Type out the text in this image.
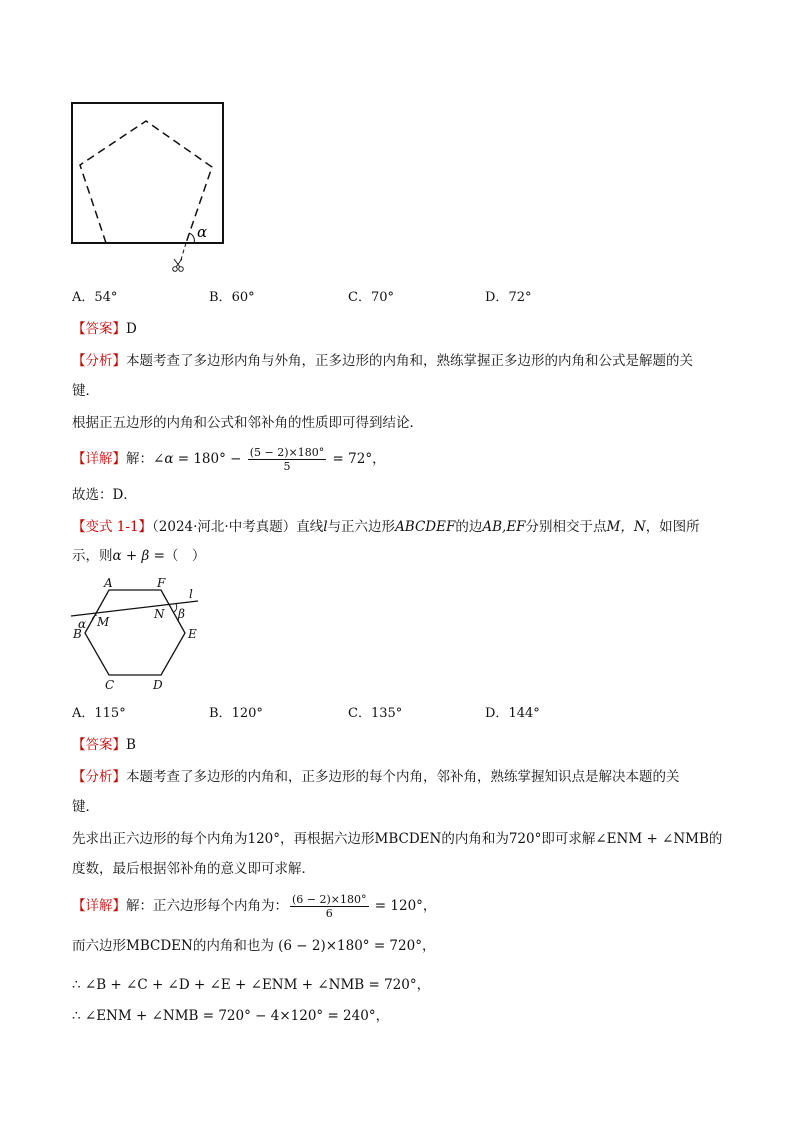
α
A．54°	B．60°	C．70°	D．72°
【答案】D
【分析】本题考查了多边形内角与外角，正多边形的内角和，熟练掌握正多边形的内角和公式是解题的关
键．
根据正五边形的内角和公式和邻补角的性质即可得到结论．
【详解】解：∠α = $180^\circ - \frac{(5 - 2)\times 180^\circ}{5} = 72^\circ$，
故选：D．
【变式 1-1】（2024·河北·中考真题）直线l与正六边形ABCDEF的边AB,EF分别相交于点M，N，如图所
示，则α + β =（　）
A	F
l
α M
N β
B	E
C	D
A．115°	B．120°	C．135°	D．144°
【答案】B
【分析】本题考查了多边形的内角和，正多边形的每个内角，邻补角，熟练掌握知识点是解决本题的关
键．
先求出正六边形的每个内角为120°，再根据六边形MBCDEN的内角和为720°即可求解∠ENM + ∠NMB的
度数，最后根据邻补角的意义即可求解．
【详解】解：正六边形每个内角为： $\frac{(6 - 2)\times 180^\circ}{6} = 120^\circ$，
而六边形MBCDEN的内角和也为 (6 − 2)×180° = 720°，
∴ ∠B + ∠C + ∠D + ∠E + ∠ENM + ∠NMB = 720°，
∴ ∠ENM + ∠NMB = 720° − 4×120° = 240°，
